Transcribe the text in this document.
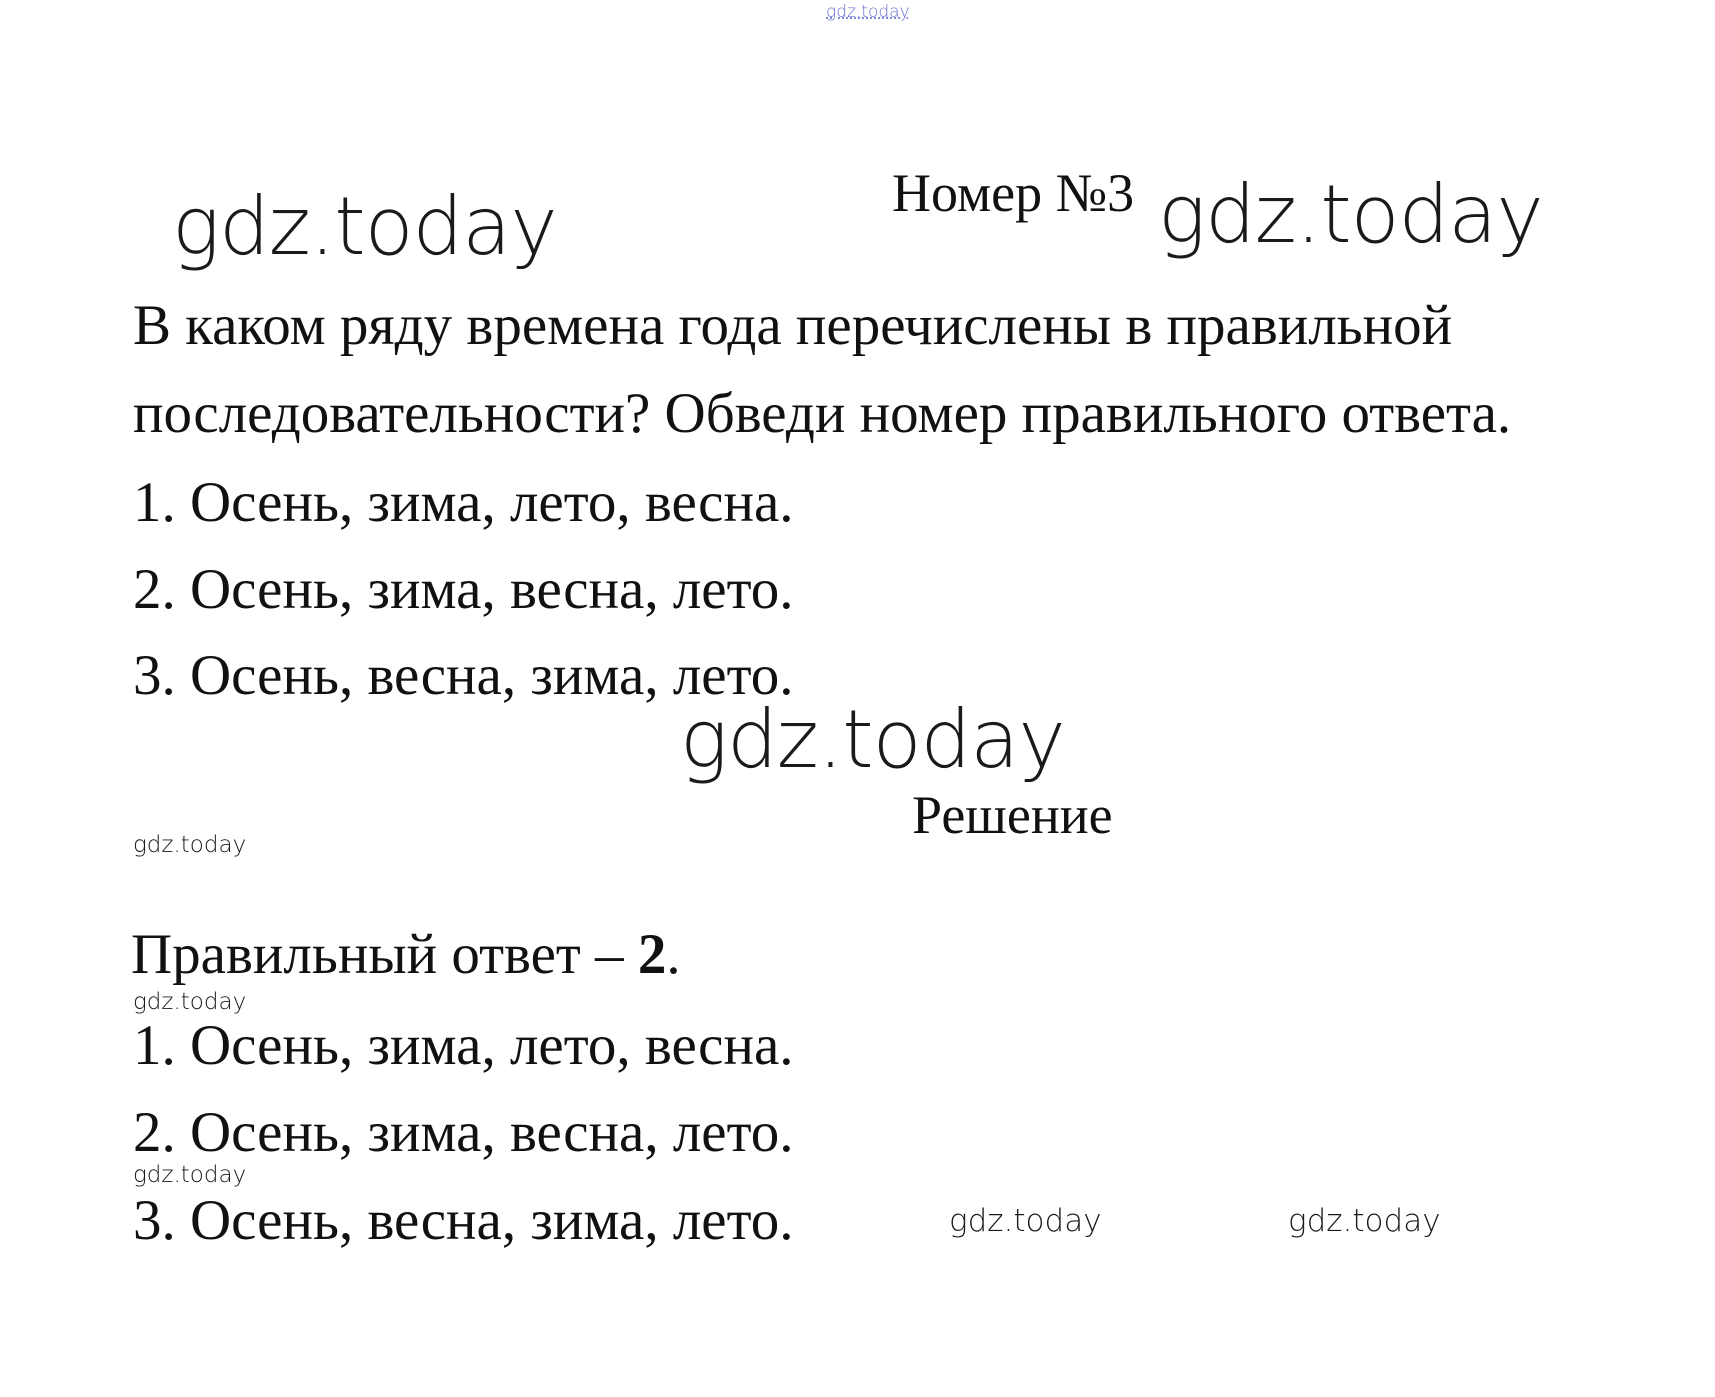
gdz.today
gdz.today	Номер №3 gdz.today
В каком ряду времена года перечислены в правильной
последовательности? Обведи номер правильного ответа.
1. Осень, зима, лето, весна.
2. Осень, зима, весна, лето.
3. Осень, весна, зима, лето.
gdz.today
Решение
gdz.today
Правильный ответ – 2.
gdz.today
1. Осень, зима, лето, весна.
2. Осень, зима, весна, лето.
gdz.today
3. Осень, весна, зима, лето.	gdz.today	gdz.today
